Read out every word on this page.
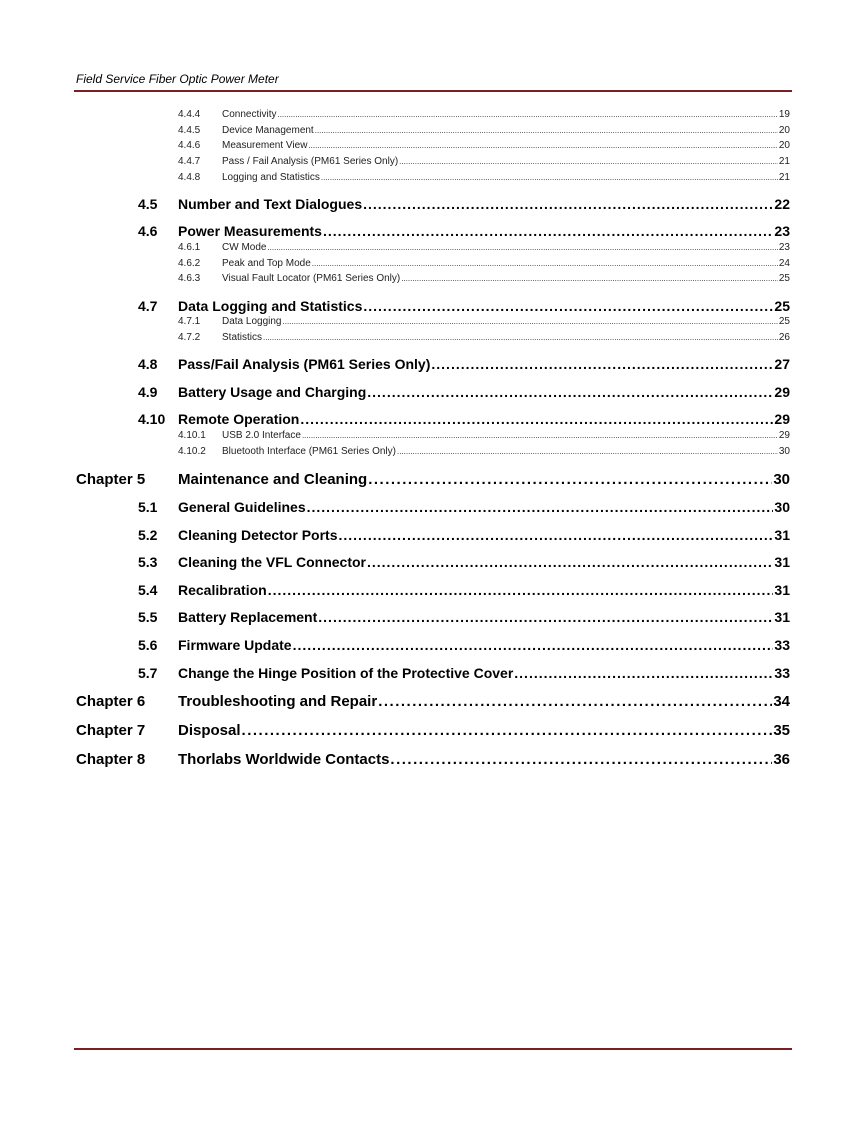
Field Service Fiber Optic Power Meter
4.4.4	Connectivity .....	19
4.4.5	Device Management .....	20
4.4.6	Measurement View .....	20
4.4.7	Pass / Fail Analysis (PM61 Series Only) .....	21
4.4.8	Logging and Statistics .....	21
4.5	Number and Text Dialogues .....	22
4.6	Power Measurements .....	23
4.6.1	CW Mode .....	23
4.6.2	Peak and Top Mode .....	24
4.6.3	Visual Fault Locator (PM61 Series Only) .....	25
4.7	Data Logging and Statistics .....	25
4.7.1	Data Logging .....	25
4.7.2	Statistics .....	26
4.8	Pass/Fail Analysis (PM61 Series Only) .....	27
4.9	Battery Usage and Charging .....	29
4.10 Remote Operation .....	29
4.10.1	USB 2.0 Interface .....	29
4.10.2	Bluetooth Interface (PM61 Series Only) .....	30
Chapter 5	Maintenance and Cleaning .....	30
5.1	General Guidelines .....	30
5.2	Cleaning Detector Ports .....	31
5.3	Cleaning the VFL Connector .....	31
5.4	Recalibration .....	31
5.5	Battery Replacement .....	31
5.6	Firmware Update .....	33
5.7	Change the Hinge Position of the Protective Cover .....	33
Chapter 6	Troubleshooting and Repair .....	34
Chapter 7	Disposal .....	35
Chapter 8	Thorlabs Worldwide Contacts .....	36
